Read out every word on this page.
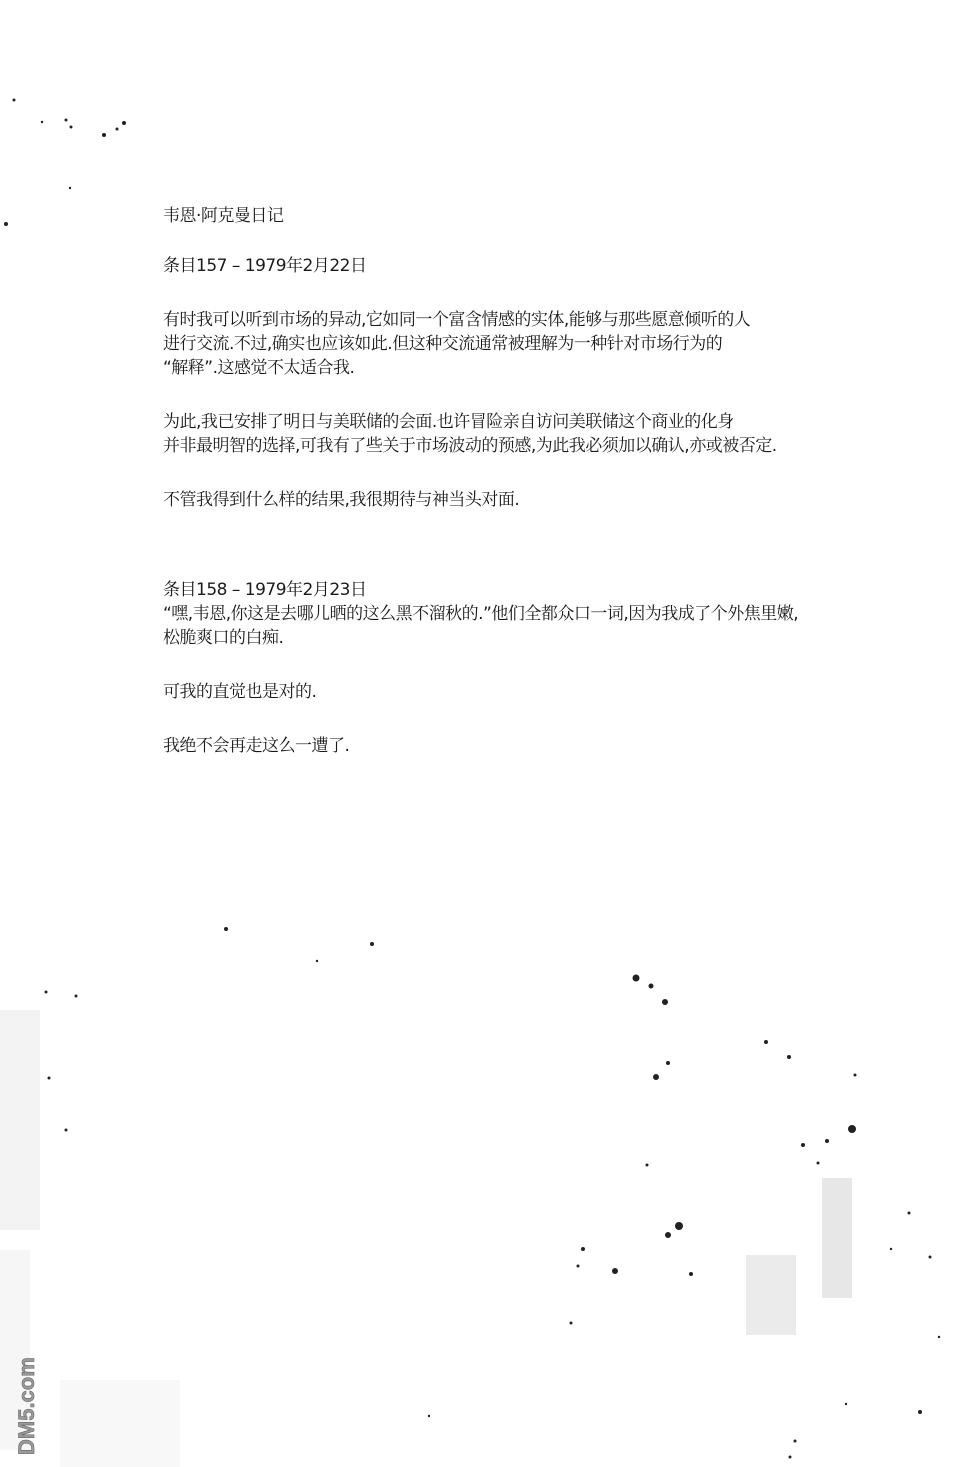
韦恩·阿克曼日记
条目157 – 1979年2月22日
有时我可以听到市场的异动,它如同一个富含情感的实体,能够与那些愿意倾听的人
进行交流.不过,确实也应该如此.但这种交流通常被理解为一种针对市场行为的
“解释”.这感觉不太适合我.
为此,我已安排了明日与美联储的会面.也许冒险亲自访问美联储这个商业的化身
并非最明智的选择,可我有了些关于市场波动的预感,为此我必须加以确认,亦或被否定.
不管我得到什么样的结果,我很期待与神当头对面.
条目158 – 1979年2月23日
“嘿,韦恩,你这是去哪儿晒的这么黑不溜秋的.”他们全都众口一词,因为我成了个外焦里嫩,
松脆爽口的白痴.
可我的直觉也是对的.
我绝不会再走这么一遭了.
DM5.com
